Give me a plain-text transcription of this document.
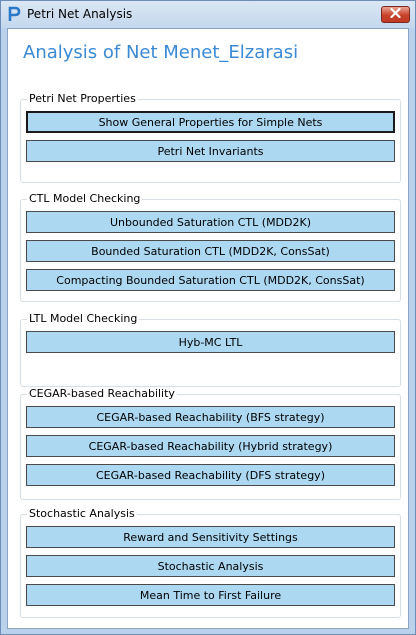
Petri Net Analysis
Analysis of Net Menet_Elzarasi
Petri Net Properties
Show General Properties for Simple Nets
Petri Net Invariants
CTL Model Checking
Unbounded Saturation CTL (MDD2K)
Bounded Saturation CTL (MDD2K, ConsSat)
Compacting Bounded Saturation CTL (MDD2K, ConsSat)
LTL Model Checking
Hyb-MC LTL
CEGAR-based Reachability
CEGAR-based Reachability (BFS strategy)
CEGAR-based Reachability (Hybrid strategy)
CEGAR-based Reachability (DFS strategy)
Stochastic Analysis
Reward and Sensitivity Settings
Stochastic Analysis
Mean Time to First Failure
